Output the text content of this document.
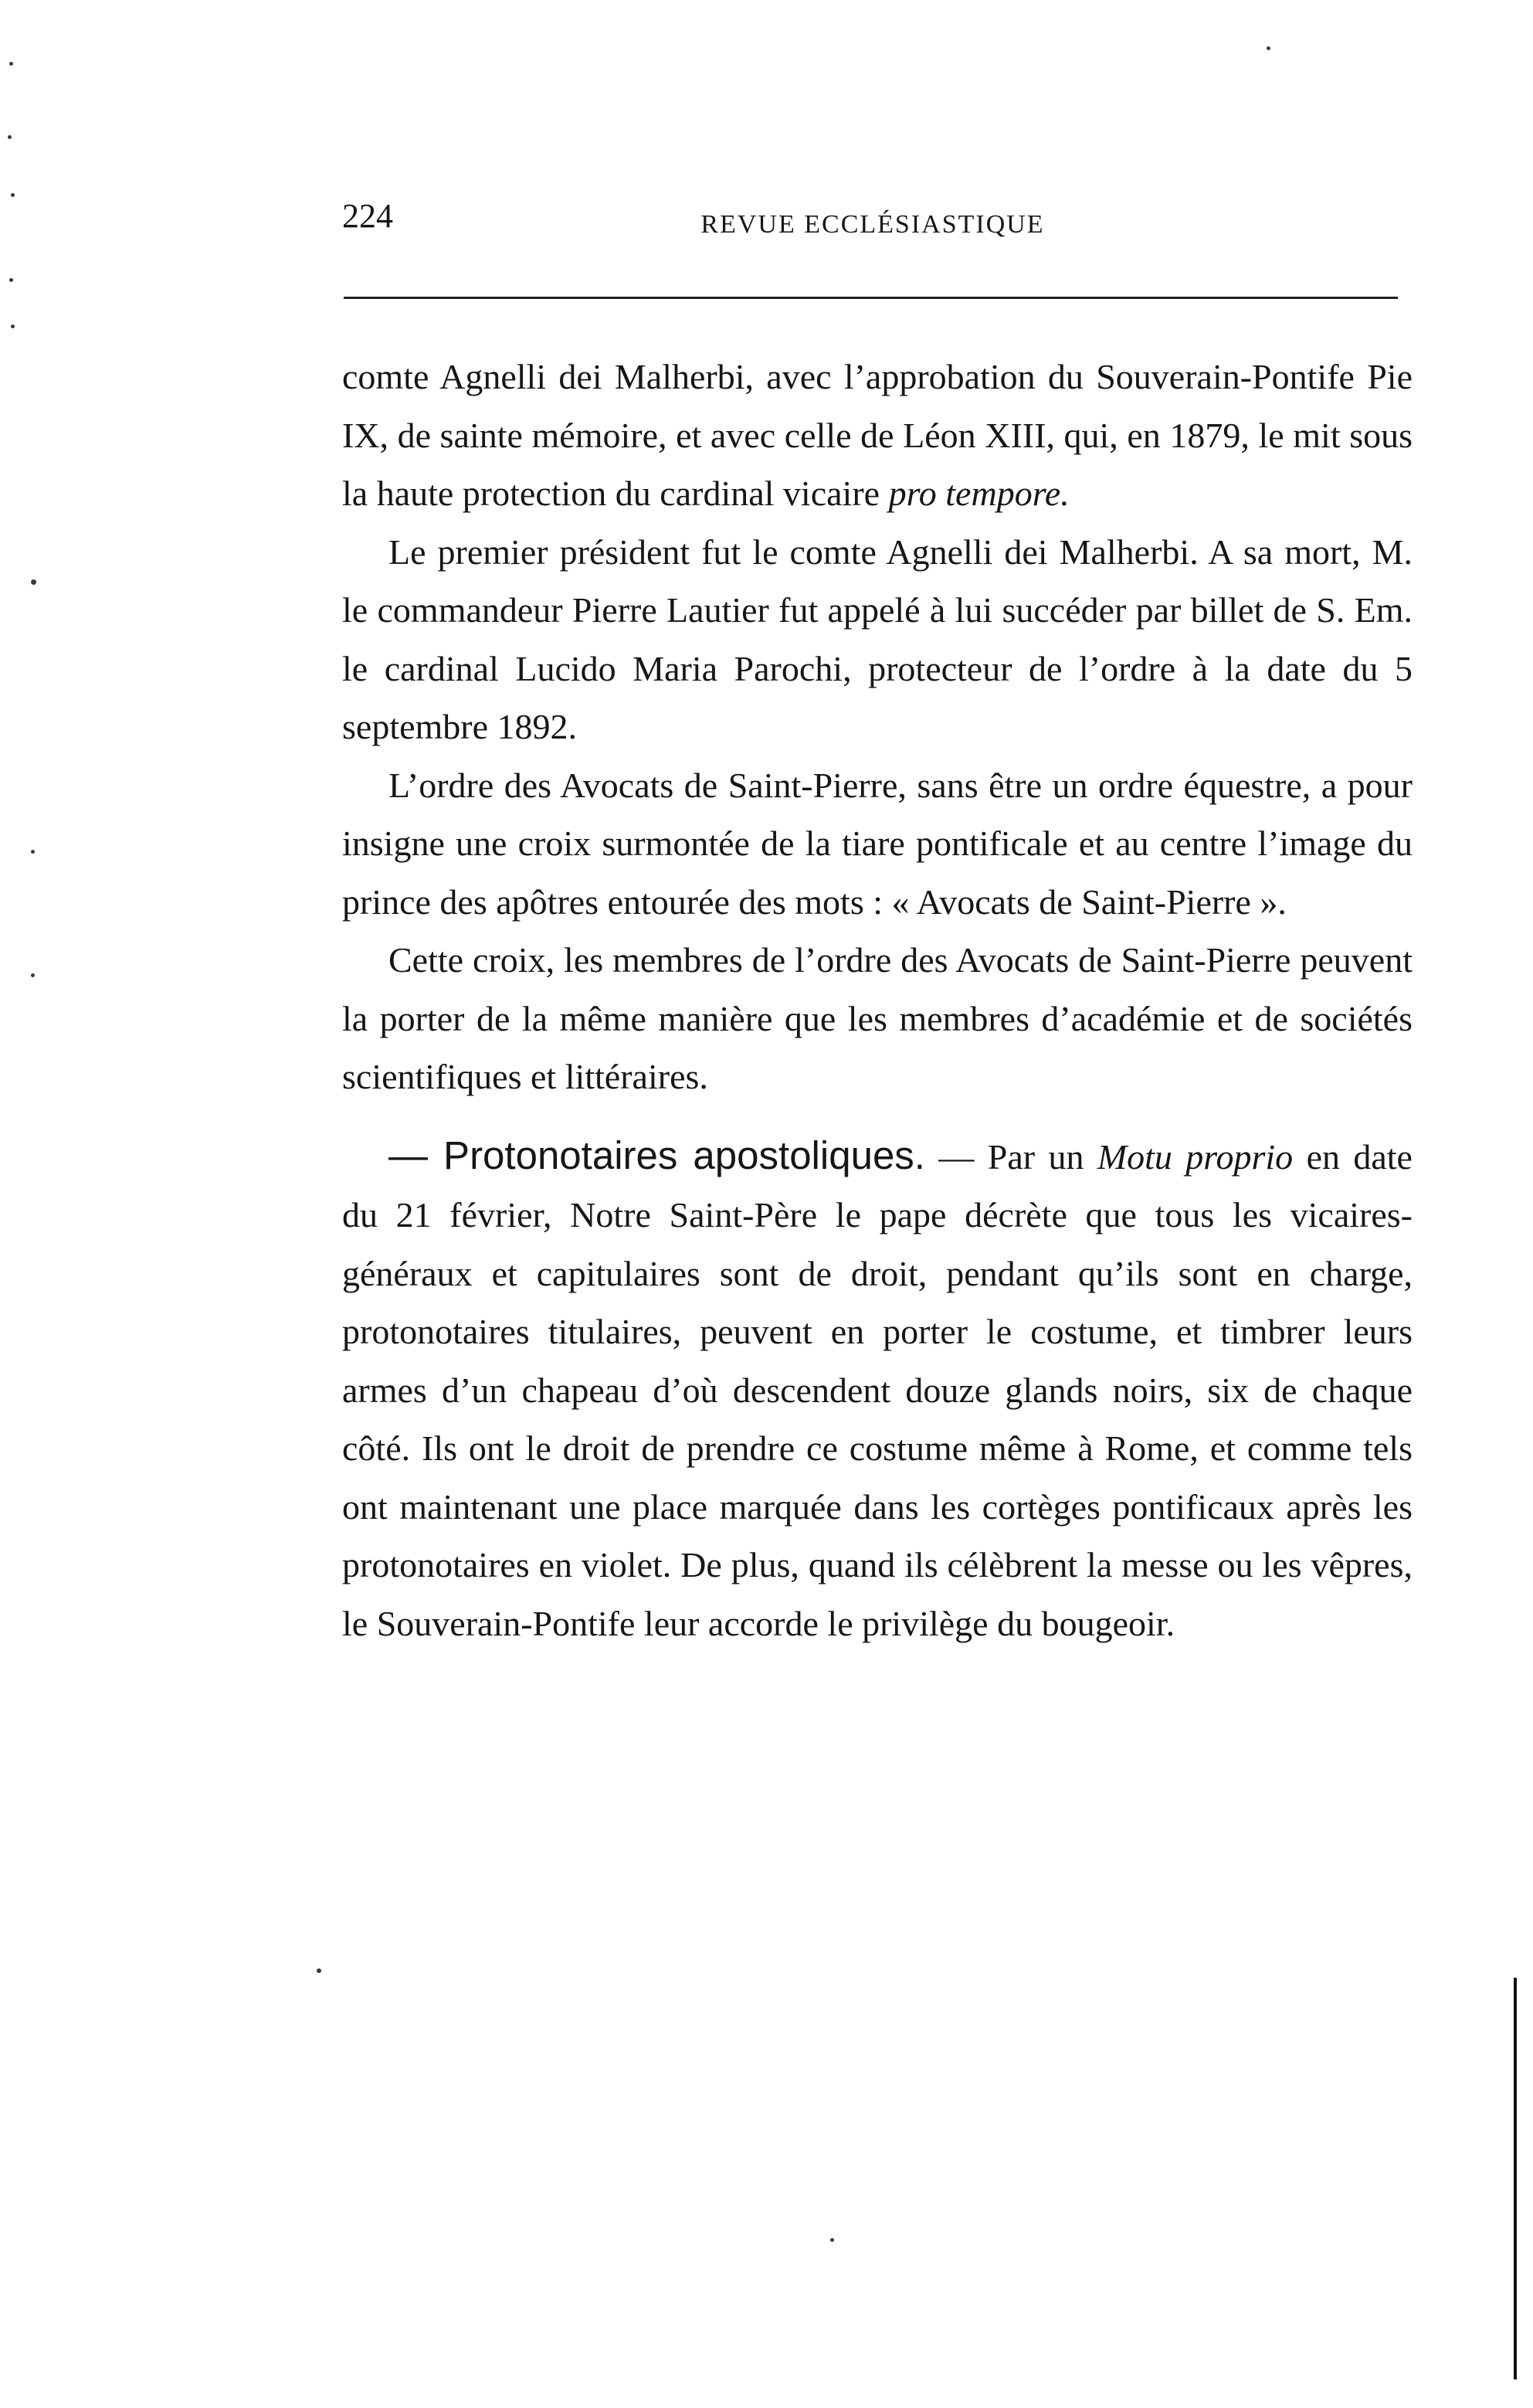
224	REVUE ECCLÉSIASTIQUE

comte Agnelli dei Malherbi, avec l’approbation du Souverain-Pontife Pie IX, de sainte mémoire, et avec celle de Léon XIII, qui, en 1879, le mit sous la haute protection du cardinal vicaire pro tempore.

Le premier président fut le comte Agnelli dei Malherbi. A sa mort, M. le commandeur Pierre Lautier fut appelé à lui succéder par billet de S. Em. le cardinal Lucido Maria Parochi, protecteur de l’ordre à la date du 5 septembre 1892.

L’ordre des Avocats de Saint-Pierre, sans être un ordre équestre, a pour insigne une croix surmontée de la tiare pontificale et au centre l’image du prince des apôtres entourée des mots : « Avocats de Saint-Pierre ».

Cette croix, les membres de l’ordre des Avocats de Saint-Pierre peuvent la porter de la même manière que les membres d’académie et de sociétés scientifiques et littéraires.

— Protonotaires apostoliques. — Par un Motu proprio en date du 21 février, Notre Saint-Père le pape décrète que tous les vicaires-généraux et capitulaires sont de droit, pendant qu’ils sont en charge, protonotaires titulaires, peuvent en porter le costume, et timbrer leurs armes d’un chapeau d’où descendent douze glands noirs, six de chaque côté. Ils ont le droit de prendre ce costume même à Rome, et comme tels ont maintenant une place marquée dans les cortèges pontificaux après les protonotaires en violet. De plus, quand ils célèbrent la messe ou les vêpres, le Souverain-Pontife leur accorde le privilège du bougeoir.
